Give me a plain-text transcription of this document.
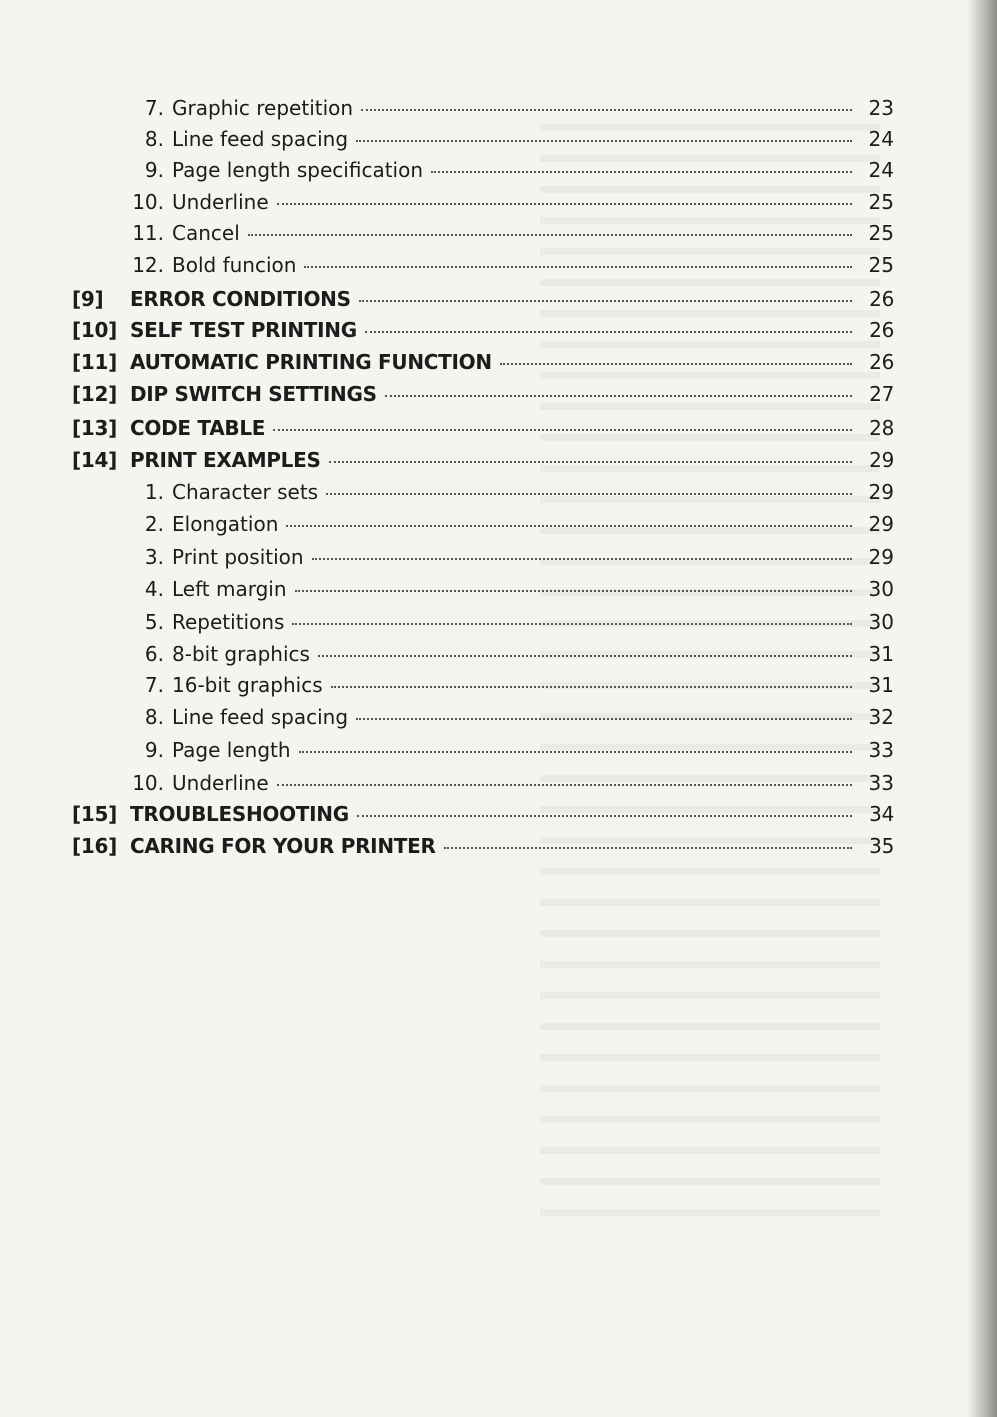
7. Graphic repetition	23
8. Line feed spacing	24
9. Page length specification	24
10. Underline	25
11. Cancel	25
12. Bold funcion	25
[9]	ERROR CONDITIONS	26
[10] SELF TEST PRINTING	26
[11] AUTOMATIC PRINTING FUNCTION	26
[12] DIP SWITCH SETTINGS	27
[13] CODE TABLE	28
[14] PRINT EXAMPLES	29
1. Character sets	29
2. Elongation	29
3. Print position	29
4. Left margin	30
5. Repetitions	30
6. 8-bit graphics	31
7. 16-bit graphics	31
8. Line feed spacing	32
9. Page length	33
10. Underline	33
[15] TROUBLESHOOTING	34
[16] CARING FOR YOUR PRINTER	35
